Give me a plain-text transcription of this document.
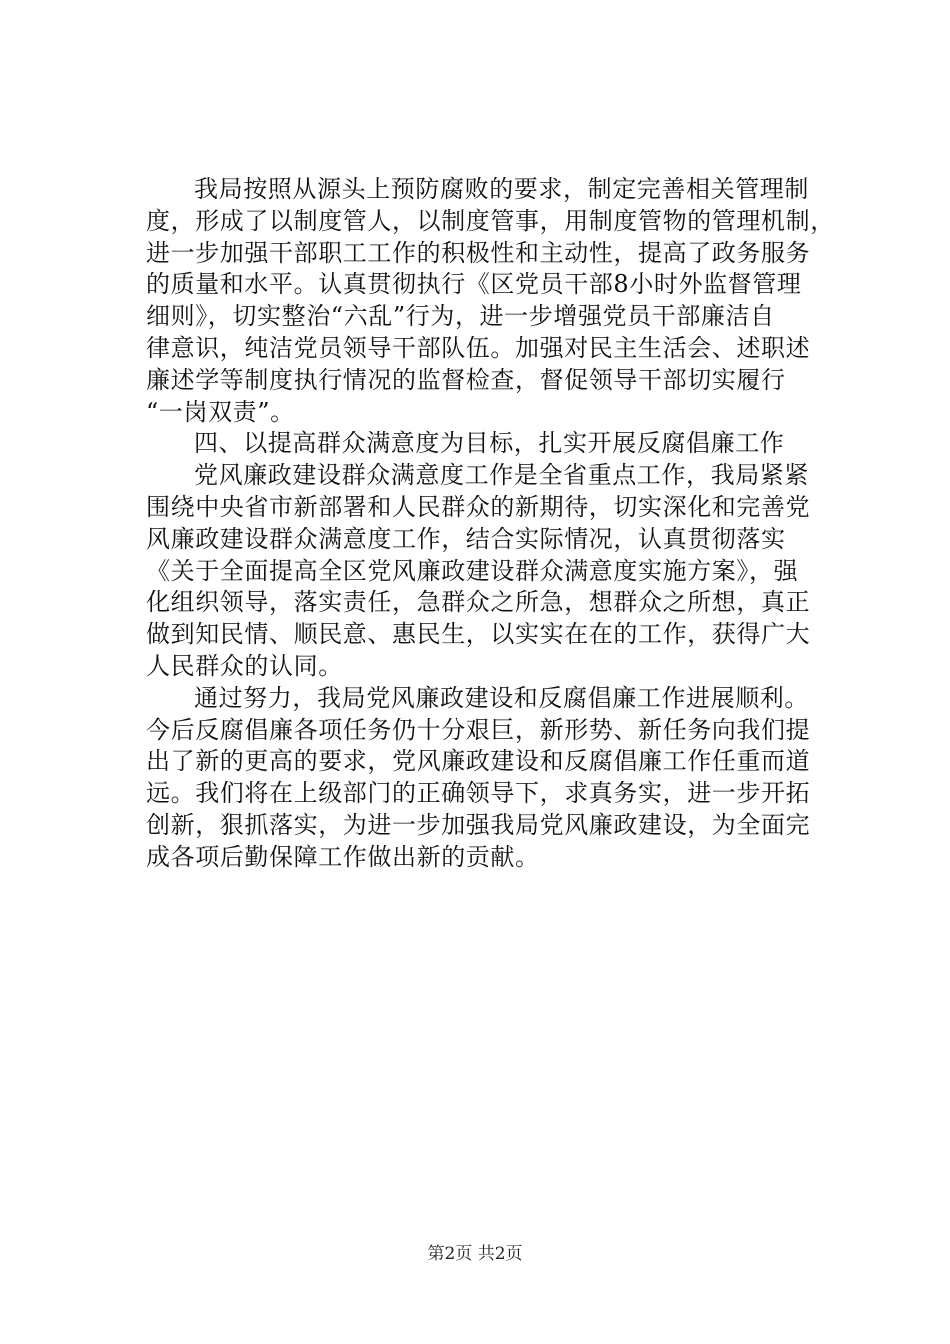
我局按照从源头上预防腐败的要求，制定完善相关管理制
度，形成了以制度管人，以制度管事，用制度管物的管理机制，
进一步加强干部职工工作的积极性和主动性，提高了政务服务
的质量和水平。认真贯彻执行《区党员干部8小时外监督管理
细则》，切实整治“六乱”行为，进一步增强党员干部廉洁自
律意识，纯洁党员领导干部队伍。加强对民主生活会、述职述
廉述学等制度执行情况的监督检查，督促领导干部切实履行
“一岗双责”。

四、以提高群众满意度为目标，扎实开展反腐倡廉工作

党风廉政建设群众满意度工作是全省重点工作，我局紧紧
围绕中央省市新部署和人民群众的新期待，切实深化和完善党
风廉政建设群众满意度工作，结合实际情况，认真贯彻落实
《关于全面提高全区党风廉政建设群众满意度实施方案》，强
化组织领导，落实责任，急群众之所急，想群众之所想，真正
做到知民情、顺民意、惠民生，以实实在在的工作，获得广大
人民群众的认同。

通过努力，我局党风廉政建设和反腐倡廉工作进展顺利。
今后反腐倡廉各项任务仍十分艰巨，新形势、新任务向我们提
出了新的更高的要求，党风廉政建设和反腐倡廉工作任重而道
远。我们将在上级部门的正确领导下，求真务实，进一步开拓
创新，狠抓落实，为进一步加强我局党风廉政建设，为全面完
成各项后勤保障工作做出新的贡献。

第2页 共2页
